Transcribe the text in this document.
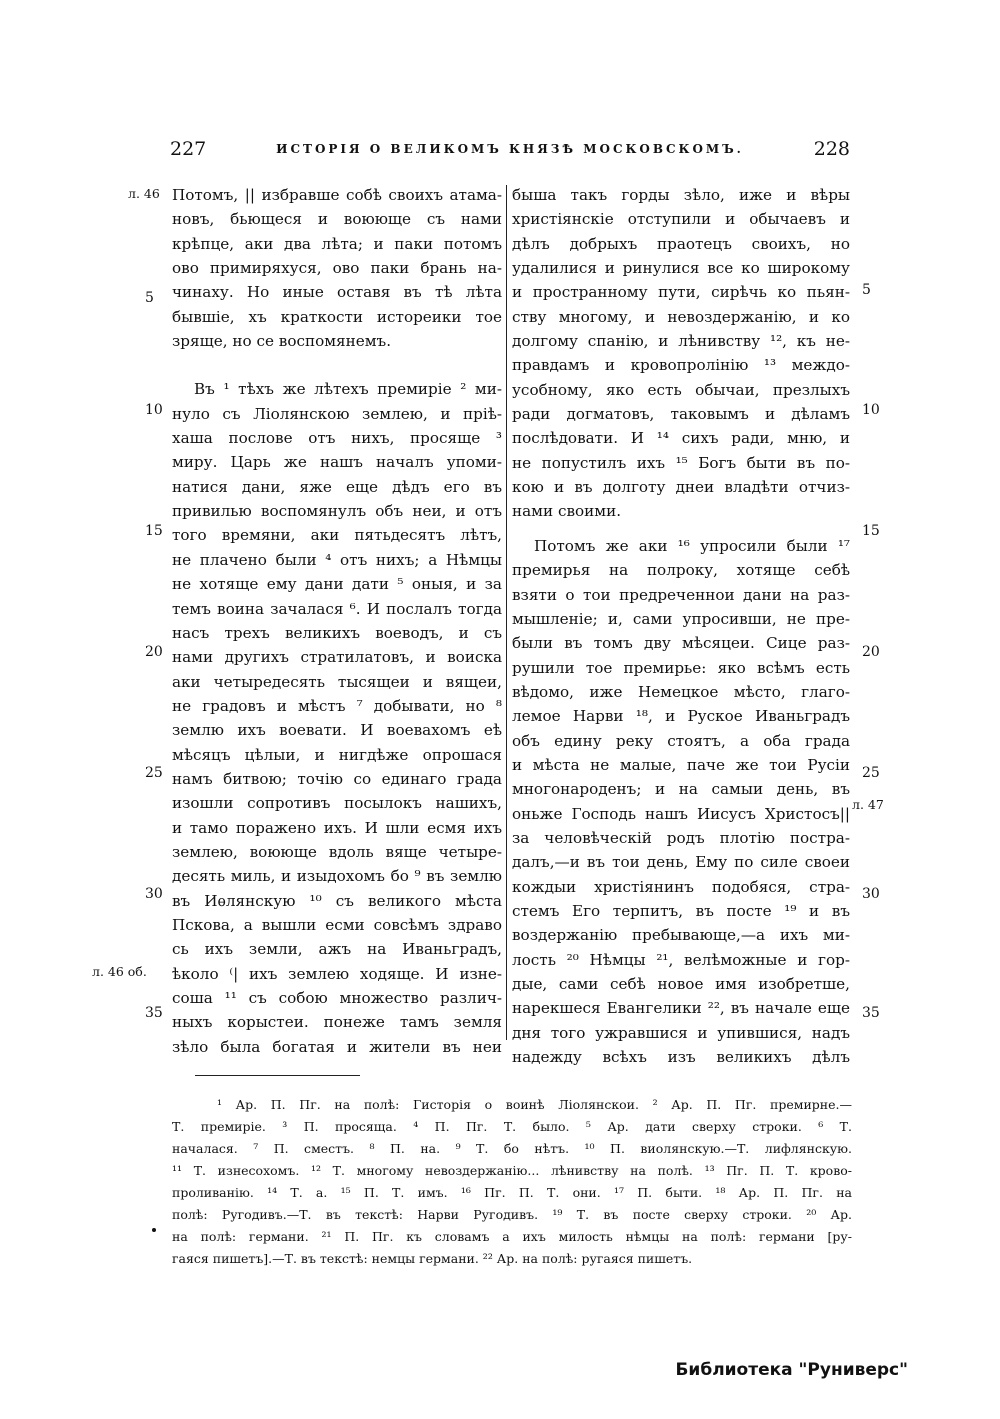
227	ИСТОРІЯ О ВЕЛИКОМЪ КНЯЗѢ МОСКОВСКОМЪ.	228
л. 46
л. 46 об.
л. 47
5
10
15
20
25
30
35
5
10
15
20
25
30
35
Потомъ, || избравше собѣ своихъ атама-
новъ, бьющеся и воююще съ нами
крѣпце, аки два лѣта; и паки потомъ
ово примиряхуся, ово паки брань на-
чинаху. Но иные оставя въ тѣ лѣта
бывшіе, хъ краткости истореики тое
зряще, но се воспомянемъ.
Въ ¹ тѣхъ же лѣтехъ премиріе ² ми-
нуло съ Ліолянскою землею, и пріѣ-
хаша послове отъ нихъ, просяще ³
миру. Царь же нашъ началъ упоми-
натися дани, яже еще дѣдъ его въ
привилью воспомянулъ объ неи, и отъ
того времяни, аки пятьдесятъ лѣтъ,
не плачено были ⁴ отъ нихъ; а Нѣмцы
не хотяще ему дани дати ⁵ оныя, и за
темъ воина зачалася ⁶. И послалъ тогда
насъ трехъ великихъ воеводъ, и съ
нами другихъ стратилатовъ, и воиска
аки четыредесять тысящеи и вящеи,
не градовъ и мѣстъ ⁷ добывати, но ⁸
землю ихъ воевати. И воевахомъ еѣ
мѣсяцъ цѣлыи, и нигдѣже опрошася
намъ битвою; точію со единаго града
изошли сопротивъ посылокъ нашихъ,
и тамо поражено ихъ. И шли есмя ихъ
землею, воююще вдоль вяще четыре-
десять миль, и изыдохомъ бо ⁹ въ землю
въ Иѳлянскую ¹⁰ съ великого мѣста
Пскова, а вышли есми совсѣмъ здраво
сь ихъ земли, ажъ на Иваньградъ,
ѣколо ⁽| ихъ землею ходяще. И изне-
соша ¹¹ съ собою множество различ-
ныхъ корыстеи. понеже тамъ земля
зѣло была богатая и жители въ неи
быша такъ горды зѣло, иже и вѣры
христіянскіе отступили и обычаевъ и
дѣлъ добрыхъ праотецъ своихъ, но
удалилися и ринулися все ко широкому
и пространному пути, сирѣчь ко пьян-
ству многому, и невоздержанію, и ко
долгому спанію, и лѣнивству ¹², къ не-
правдамъ и кровопролінію ¹³ междо-
усобному, яко есть обычаи, презлыхъ
ради догматовъ, таковымъ и дѣламъ
послѣдовати. И ¹⁴ сихъ ради, мню, и
не попустилъ ихъ ¹⁵ Богъ быти въ по-
кою и въ долготу днеи владѣти отчиз-
нами своими.
Потомъ же аки ¹⁶ упросили были ¹⁷
премирья на полроку, хотяще себѣ
взяти о тои предреченнои дани на раз-
мышленіе; и, сами упросивши, не пре-
были въ томъ дву мѣсяцеи. Сице раз-
рушили тое премирье: яко всѣмъ есть
вѣдомо, иже Немецкое мѣсто, глаго-
лемое Нарви ¹⁸, и Руское Иваньградъ
объ едину реку стоятъ, а оба града
и мѣста не малые, паче же тои Русіи
многонароденъ; и на самыи день, въ
оньже Господь нашъ Иисусъ Христосъ||
за человѣческій родъ плотію постра-
далъ,—и въ тои день, Ему по силе своеи
кождыи христіянинъ подобяся, стра-
стемъ Его терпитъ, въ посте ¹⁹ и въ
воздержанію пребывающе,—а ихъ ми-
лость ²⁰ Нѣмцы ²¹, велѣможные и гор-
дые, сами себѣ новое имя изобретше,
нарекшеся Евангелики ²², въ начале еще
дня того ужравшися и упившися, надъ
надежду всѣхъ изъ великихъ дѣлъ
¹ Ар. П. Пг. на полѣ: Гисторія о воинѣ Ліолянскои. ² Ар. П. Пг. премирне.—
Т. премиріе. ³ П. просяща. ⁴ П. Пг. Т. было. ⁵ Ар. дати сверху строки. ⁶ Т.
началася. ⁷ П. сместъ. ⁸ П. на. ⁹ Т. бо нѣтъ. ¹⁰ П. виолянскую.—Т. лифлянскую.
¹¹ Т. изнесохомъ. ¹² Т. многому невоздержанію... лѣнивству на полѣ. ¹³ Пг. П. Т. крово-
проливанію. ¹⁴ Т. а. ¹⁵ П. Т. имъ. ¹⁶ Пг. П. Т. они. ¹⁷ П. быти. ¹⁸ Ар. П. Пг. на
полѣ: Ругодивъ.—Т. въ текстѣ: Нарви Ругодивъ. ¹⁹ Т. въ посте сверху строки. ²⁰ Ар.
на полѣ: германи. ²¹ П. Пг. къ словамъ а ихъ милость нѣмцы на полѣ: германи [ру-
гаяся пишетъ].—Т. въ текстѣ: немцы германи. ²² Ар. на полѣ: ругаяся пишетъ.
Библиотека "Руниверс"
